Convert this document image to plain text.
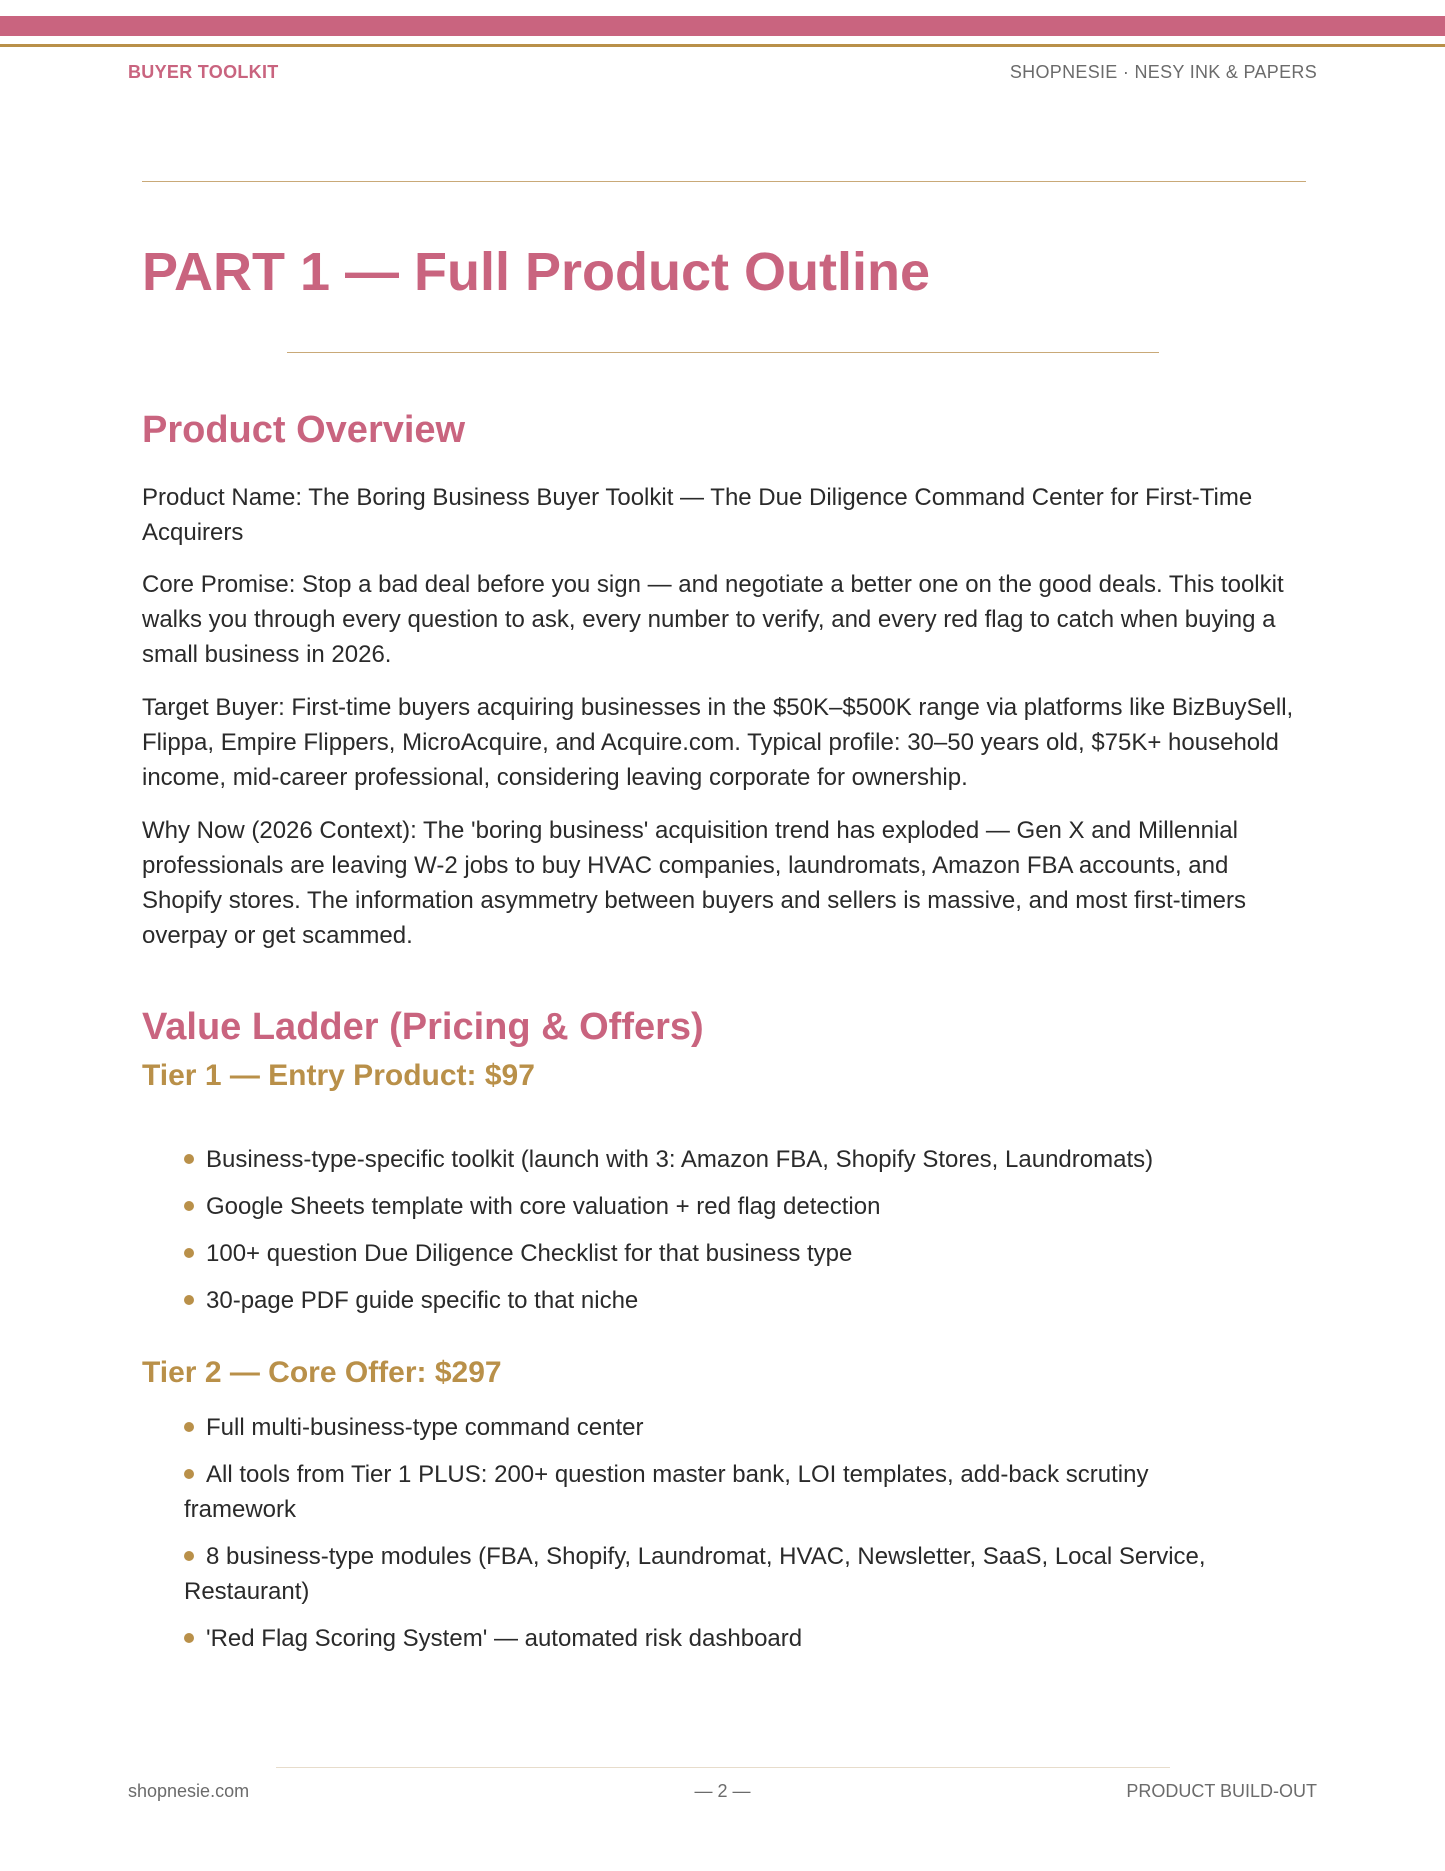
BUYER TOOLKIT	SHOPNESIE · NESY INK & PAPERS
PART 1 — Full Product Outline
Product Overview

Product Name: The Boring Business Buyer Toolkit — The Due Diligence Command Center for First-Time Acquirers

Core Promise: Stop a bad deal before you sign — and negotiate a better one on the good deals. This toolkit walks you through every question to ask, every number to verify, and every red flag to catch when buying a small business in 2026.

Target Buyer: First-time buyers acquiring businesses in the $50K–$500K range via platforms like BizBuySell, Flippa, Empire Flippers, MicroAcquire, and Acquire.com. Typical profile: 30–50 years old, $75K+ household income, mid-career professional, considering leaving corporate for ownership.

Why Now (2026 Context): The 'boring business' acquisition trend has exploded — Gen X and Millennial professionals are leaving W-2 jobs to buy HVAC companies, laundromats, Amazon FBA accounts, and Shopify stores. The information asymmetry between buyers and sellers is massive, and most first-timers overpay or get scammed.

Value Ladder (Pricing & Offers)
Tier 1 — Entry Product: $97
Business-type-specific toolkit (launch with 3: Amazon FBA, Shopify Stores, Laundromats)
Google Sheets template with core valuation + red flag detection
100+ question Due Diligence Checklist for that business type
30-page PDF guide specific to that niche
Tier 2 — Core Offer: $297
Full multi-business-type command center
All tools from Tier 1 PLUS: 200+ question master bank, LOI templates, add-back scrutiny framework
8 business-type modules (FBA, Shopify, Laundromat, HVAC, Newsletter, SaaS, Local Service, Restaurant)
'Red Flag Scoring System' — automated risk dashboard
shopnesie.com	— 2 —	PRODUCT BUILD-OUT
